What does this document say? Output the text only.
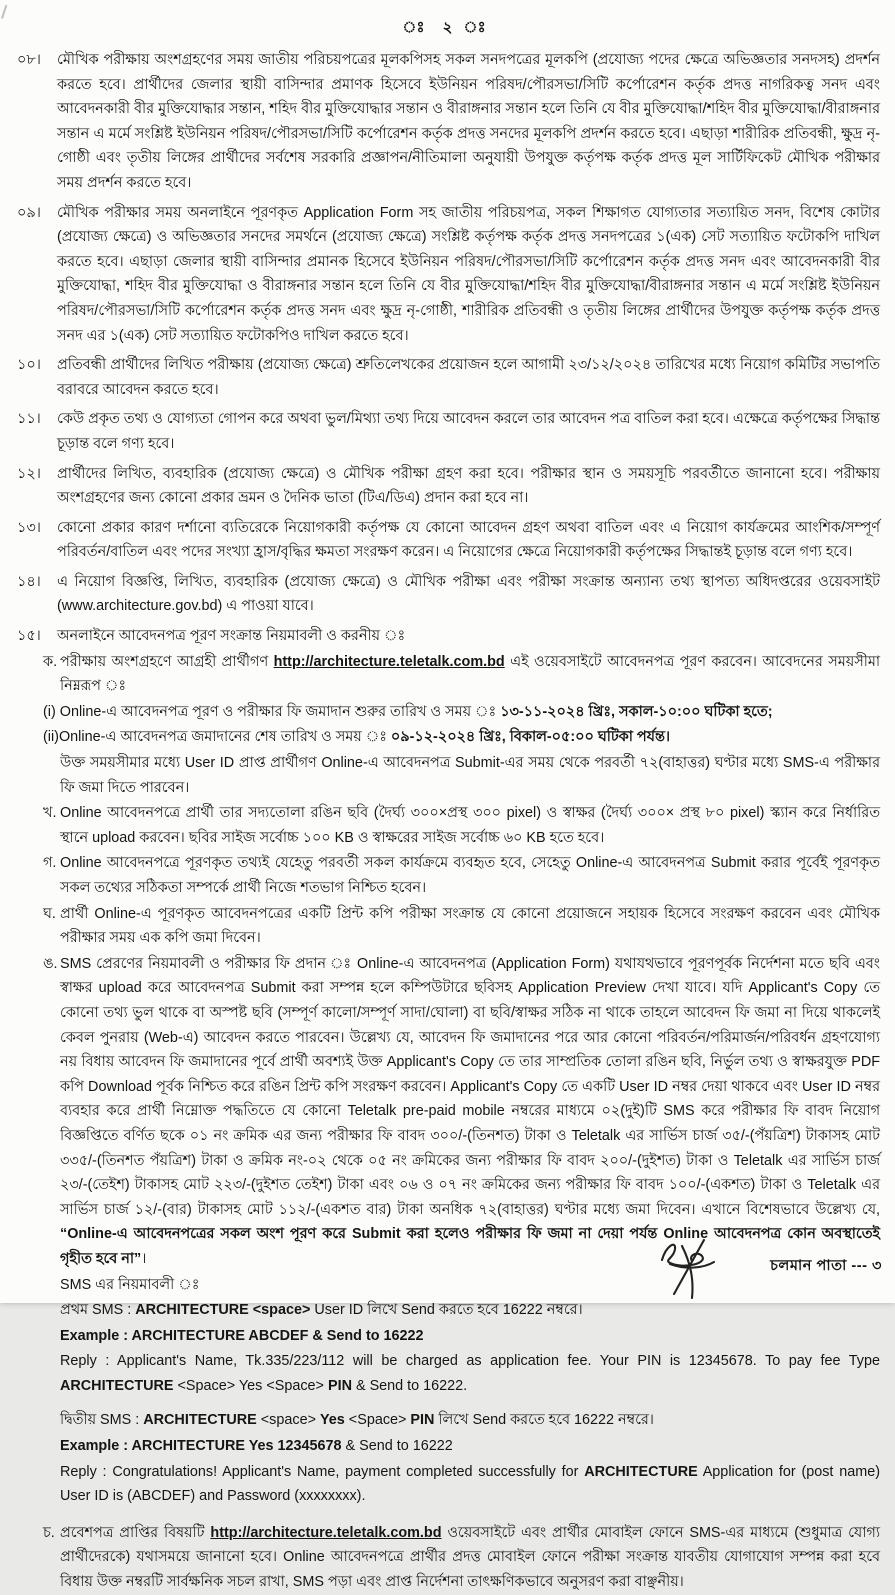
ঃ ২ ঃ
০৮। মৌখিক পরীক্ষায় অংশগ্রহণের সময় জাতীয় পরিচয়পত্রের মূলকপিসহ সকল সনদপত্রের মূলকপি (প্রযোজ্য পদের ক্ষেত্রে অভিজ্ঞতার সনদসহ) প্রদর্শন করতে হবে। প্রার্থীদের জেলার স্থায়ী বাসিন্দার প্রমাণক হিসেবে ইউনিয়ন পরিষদ/পৌরসভা/সিটি কর্পোরেশন কর্তৃক প্রদত্ত নাগরিকত্ব সনদ এবং আবেদনকারী বীর মুক্তিযোদ্ধার সন্তান, শহিদ বীর মুক্তিযোদ্ধার সন্তান ও বীরাঙ্গনার সন্তান হলে তিনি যে বীর মুক্তিযোদ্ধা/শহিদ বীর মুক্তিযোদ্ধা/বীরাঙ্গনার সন্তান এ মর্মে সংশ্লিষ্ট ইউনিয়ন পরিষদ/পৌরসভা/সিটি কর্পোরেশন কর্তৃক প্রদত্ত সনদের মূলকপি প্রদর্শন করতে হবে। এছাড়া শারীরিক প্রতিবন্ধী, ক্ষুদ্র নৃ-গোষ্ঠী এবং তৃতীয় লিঙ্গের প্রার্থীদের সর্বশেষ সরকারি প্রজ্ঞাপন/নীতিমালা অনুযায়ী উপযুক্ত কর্তৃপক্ষ কর্তৃক প্রদত্ত মূল সার্টিফিকেট মৌখিক পরীক্ষার সময় প্রদর্শন করতে হবে।
০৯। মৌখিক পরীক্ষার সময় অনলাইনে পূরণকৃত Application Form সহ জাতীয় পরিচয়পত্র, সকল শিক্ষাগত যোগ্যতার সত্যায়িত সনদ, বিশেষ কোটার (প্রযোজ্য ক্ষেত্রে) ও অভিজ্ঞতার সনদের সমর্থনে (প্রযোজ্য ক্ষেত্রে) সংশ্লিষ্ট কর্তৃপক্ষ কর্তৃক প্রদত্ত সনদপত্রের ১(এক) সেট সত্যায়িত ফটোকপি দাখিল করতে হবে। এছাড়া জেলার স্থায়ী বাসিন্দার প্রমানক হিসেবে ইউনিয়ন পরিষদ/পৌরসভা/সিটি কর্পোরেশন কর্তৃক প্রদত্ত সনদ এবং আবেদনকারী বীর মুক্তিযোদ্ধা, শহিদ বীর মুক্তিযোদ্ধা ও বীরাঙ্গনার সন্তান হলে তিনি যে বীর মুক্তিযোদ্ধা/শহিদ বীর মুক্তিযোদ্ধা/বীরাঙ্গনার সন্তান এ মর্মে সংশ্লিষ্ট ইউনিয়ন পরিষদ/পৌরসভা/সিটি কর্পোরেশন কর্তৃক প্রদত্ত সনদ এবং ক্ষুদ্র নৃ-গোষ্ঠী, শারীরিক প্রতিবন্ধী ও তৃতীয় লিঙ্গের প্রার্থীদের উপযুক্ত কর্তৃপক্ষ কর্তৃক প্রদত্ত সনদ এর ১(এক) সেট সত্যায়িত ফটোকপিও দাখিল করতে হবে।
১০। প্রতিবন্ধী প্রার্থীদের লিখিত পরীক্ষায় (প্রযোজ্য ক্ষেত্রে) শ্রুতিলেখকের প্রয়োজন হলে আগামী ২৩/১২/২০২৪ তারিখের মধ্যে নিয়োগ কমিটির সভাপতি বরাবরে আবেদন করতে হবে।
১১। কেউ প্রকৃত তথ্য ও যোগ্যতা গোপন করে অথবা ভুল/মিথ্যা তথ্য দিয়ে আবেদন করলে তার আবেদন পত্র বাতিল করা হবে। এক্ষেত্রে কর্তৃপক্ষের সিদ্ধান্ত চূড়ান্ত বলে গণ্য হবে।
১২। প্রার্থীদের লিখিত, ব্যবহারিক (প্রযোজ্য ক্ষেত্রে) ও মৌখিক পরীক্ষা গ্রহণ করা হবে। পরীক্ষার স্থান ও সময়সূচি পরবর্তীতে জানানো হবে। পরীক্ষায় অংশগ্রহণের জন্য কোনো প্রকার ভ্রমন ও দৈনিক ভাতা (টিএ/ডিএ) প্রদান করা হবে না।
১৩। কোনো প্রকার কারণ দর্শানো ব্যতিরেকে নিয়োগকারী কর্তৃপক্ষ যে কোনো আবেদন গ্রহণ অথবা বাতিল এবং এ নিয়োগ কার্যক্রমের আংশিক/সম্পূর্ণ পরিবর্তন/বাতিল এবং পদের সংখ্যা হ্রাস/বৃদ্ধির ক্ষমতা সংরক্ষণ করেন। এ নিয়োগের ক্ষেত্রে নিয়োগকারী কর্তৃপক্ষের সিদ্ধান্তই চূড়ান্ত বলে গণ্য হবে।
১৪। এ নিয়োগ বিজ্ঞপ্তি, লিখিত, ব্যবহারিক (প্রযোজ্য ক্ষেত্রে) ও মৌখিক পরীক্ষা এবং পরীক্ষা সংক্রান্ত অন্যান্য তথ্য স্থাপত্য অধিদপ্তরের ওয়েবসাইট (www.architecture.gov.bd) এ পাওয়া যাবে।
১৫। অনলাইনে আবেদনপত্র পূরণ সংক্রান্ত নিয়মাবলী ও করনীয় ঃ
ক. পরীক্ষায় অংশগ্রহণে আগ্রহী প্রার্থীগণ http://architecture.teletalk.com.bd এই ওয়েবসাইটে আবেদনপত্র পূরণ করবেন। আবেদনের সময়সীমা নিম্নরূপ ঃ
(i) Online-এ আবেদনপত্র পূরণ ও পরীক্ষার ফি জমাদান শুরুর তারিখ ও সময় ঃ ১৩-১১-২০২৪ খ্রিঃ, সকাল-১০:০০ ঘটিকা হতে;
(ii)Online-এ আবেদনপত্র জমাদানের শেষ তারিখ ও সময় ঃ ০৯-১২-২০২৪ খ্রিঃ, বিকাল-০৫:০০ ঘটিকা পর্যন্ত।
উক্ত সময়সীমার মধ্যে User ID প্রাপ্ত প্রার্থীগণ Online-এ আবেদনপত্র Submit-এর সময় থেকে পরবর্তী ৭২(বাহাত্তর) ঘণ্টার মধ্যে SMS-এ পরীক্ষার ফি জমা দিতে পারবেন।
খ. Online আবেদনপত্রে প্রার্থী তার সদ্যতোলা রঙিন ছবি (দৈর্ঘ্য ৩০০×প্রস্থ ৩০০ pixel) ও স্বাক্ষর (দৈর্ঘ্য ৩০০× প্রস্থ ৮০ pixel) স্ক্যান করে নির্ধারিত স্থানে upload করবেন। ছবির সাইজ সর্বোচ্চ ১০০ KB ও স্বাক্ষরের সাইজ সর্বোচ্চ ৬০ KB হতে হবে।
গ. Online আবেদনপত্রে পূরণকৃত তথ্যই যেহেতু পরবর্তী সকল কার্যক্রমে ব্যবহৃত হবে, সেহেতু Online-এ আবেদনপত্র Submit করার পূর্বেই পূরণকৃত সকল তথ্যের সঠিকতা সম্পর্কে প্রার্থী নিজে শতভাগ নিশ্চিত হবেন।
ঘ. প্রার্থী Online-এ পূরণকৃত আবেদনপত্রের একটি প্রিন্ট কপি পরীক্ষা সংক্রান্ত যে কোনো প্রয়োজনে সহায়ক হিসেবে সংরক্ষণ করবেন এবং মৌখিক পরীক্ষার সময় এক কপি জমা দিবেন।
ঙ. SMS প্রেরণের নিয়মাবলী ও পরীক্ষার ফি প্রদান ঃ Online-এ আবেদনপত্র (Application Form) যথাযথভাবে পূরণপূর্বক নির্দেশনা মতে ছবি এবং স্বাক্ষর upload করে আবেদনপত্র Submit করা সম্পন্ন হলে কম্পিউটারে ছবিসহ Application Preview দেখা যাবে। যদি Applicant's Copy তে কোনো তথ্য ভুল থাকে বা অস্পষ্ট ছবি (সম্পূর্ণ কালো/সম্পূর্ণ সাদা/ঘোলা) বা ছবি/স্বাক্ষর সঠিক না থাকে তাহলে আবেদন ফি জমা না দিয়ে থাকলেই কেবল পুনরায় (Web-এ) আবেদন করতে পারবেন। উল্লেখ্য যে, আবেদন ফি জমাদানের পরে আর কোনো পরিবর্তন/পরিমার্জন/পরিবর্ধন গ্রহণযোগ্য নয় বিধায় আবেদন ফি জমাদানের পূর্বে প্রার্থী অবশ্যই উক্ত Applicant's Copy তে তার সাম্প্রতিক তোলা রঙিন ছবি, নির্ভুল তথ্য ও স্বাক্ষরযুক্ত PDF কপি Download পূর্বক নিশ্চিত করে রঙিন প্রিন্ট কপি সংরক্ষণ করবেন। Applicant's Copy তে একটি User ID নম্বর দেয়া থাকবে এবং User ID নম্বর ব্যবহার করে প্রার্থী নিম্নোক্ত পদ্ধতিতে যে কোনো Teletalk pre-paid mobile নম্বরের মাধ্যমে ০২(দুই)টি SMS করে পরীক্ষার ফি বাবদ নিয়োগ বিজ্ঞপ্তিতে বর্ণিত ছকে ০১ নং ক্রমিক এর জন্য পরীক্ষার ফি বাবদ ৩০০/-(তিনশত) টাকা ও Teletalk এর সার্ভিস চার্জ ৩৫/-(পঁয়ত্রিশ) টাকাসহ মোট ৩৩৫/-(তিনশত পঁয়ত্রিশ) টাকা ও ক্রমিক নং-০২ থেকে ০৫ নং ক্রমিকের জন্য পরীক্ষার ফি বাবদ ২০০/-(দুইশত) টাকা ও Teletalk এর সার্ভিস চার্জ ২৩/-(তেইশ) টাকাসহ মোট ২২৩/-(দুইশত তেইশ) টাকা এবং ০৬ ও ০৭ নং ক্রমিকের জন্য পরীক্ষার ফি বাবদ ১০০/-(একশত) টাকা ও Teletalk এর সার্ভিস চার্জ ১২/-(বার) টাকাসহ মোট ১১২/-(একশত বার) টাকা অনধিক ৭২(বাহাত্তর) ঘণ্টার মধ্যে জমা দিবেন। এখানে বিশেষভাবে উল্লেখ্য যে, “Online-এ আবেদনপত্রের সকল অংশ পূরণ করে Submit করা হলেও পরীক্ষার ফি জমা না দেয়া পর্যন্ত Online আবেদনপত্র কোন অবস্থাতেই গৃহীত হবে না”।
SMS এর নিয়মাবলী ঃ
প্রথম SMS : ARCHITECTURE <space> User ID লিখে Send করতে হবে 16222 নম্বরে।
Example : ARCHITECTURE ABCDEF & Send to 16222
Reply : Applicant's Name, Tk.335/223/112 will be charged as application fee. Your PIN is 12345678. To pay fee Type ARCHITECTURE <Space> Yes <Space> PIN & Send to 16222.
দ্বিতীয় SMS : ARCHITECTURE <space> Yes <Space> PIN লিখে Send করতে হবে 16222 নম্বরে।
Example : ARCHITECTURE Yes 12345678 & Send to 16222
Reply : Congratulations! Applicant's Name, payment completed successfully for ARCHITECTURE Application for (post name) User ID is (ABCDEF) and Password (xxxxxxxx).
চ. প্রবেশপত্র প্রাপ্তির বিষয়টি http://architecture.teletalk.com.bd ওয়েবসাইটে এবং প্রার্থীর মোবাইল ফোনে SMS-এর মাধ্যমে (শুধুমাত্র যোগ্য প্রার্থীদেরকে) যথাসময়ে জানানো হবে। Online আবেদনপত্রে প্রার্থীর প্রদত্ত মোবাইল ফোনে পরীক্ষা সংক্রান্ত যাবতীয় যোগাযোগ সম্পন্ন করা হবে বিধায় উক্ত নম্বরটি সার্বক্ষনিক সচল রাখা, SMS পড়া এবং প্রাপ্ত নির্দেশনা তাৎক্ষণিকভাবে অনুসরণ করা বাঞ্ছনীয়।
চলমান পাতা --- ৩
